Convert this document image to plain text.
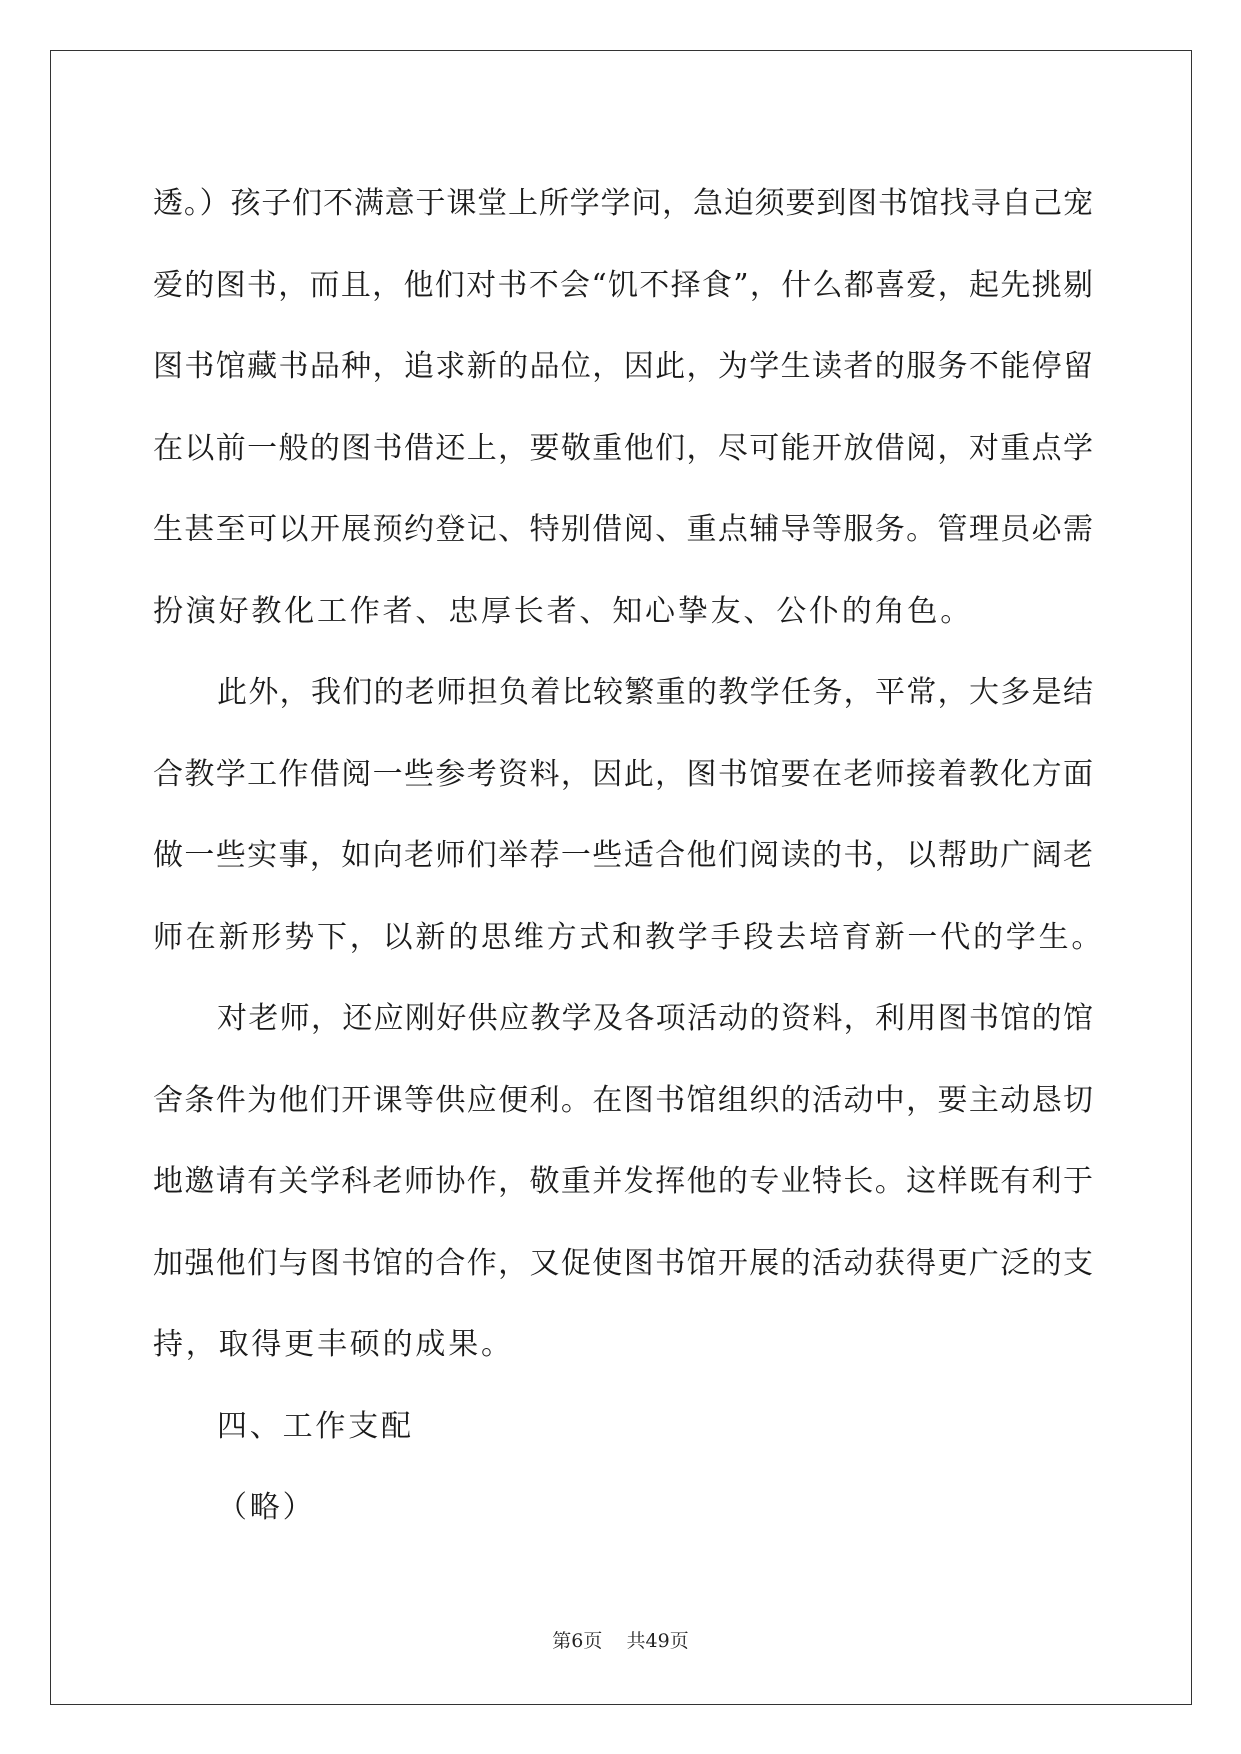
透。）孩子们不满意于课堂上所学学问，急迫须要到图书馆找寻自己宠
爱的图书，而且，他们对书不会“饥不择食”，什么都喜爱，起先挑剔
图书馆藏书品种，追求新的品位，因此，为学生读者的服务不能停留
在以前一般的图书借还上，要敬重他们，尽可能开放借阅，对重点学
生甚至可以开展预约登记、特别借阅、重点辅导等服务。管理员必需
扮演好教化工作者、忠厚长者、知心挚友、公仆的角色。
此外，我们的老师担负着比较繁重的教学任务，平常，大多是结
合教学工作借阅一些参考资料，因此，图书馆要在老师接着教化方面
做一些实事，如向老师们举荐一些适合他们阅读的书，以帮助广阔老
师在新形势下，以新的思维方式和教学手段去培育新一代的学生。
对老师，还应刚好供应教学及各项活动的资料，利用图书馆的馆
舍条件为他们开课等供应便利。在图书馆组织的活动中，要主动恳切
地邀请有关学科老师协作，敬重并发挥他的专业特长。这样既有利于
加强他们与图书馆的合作，又促使图书馆开展的活动获得更广泛的支
持，取得更丰硕的成果。
四、工作支配
（略）
第6页 共49页
